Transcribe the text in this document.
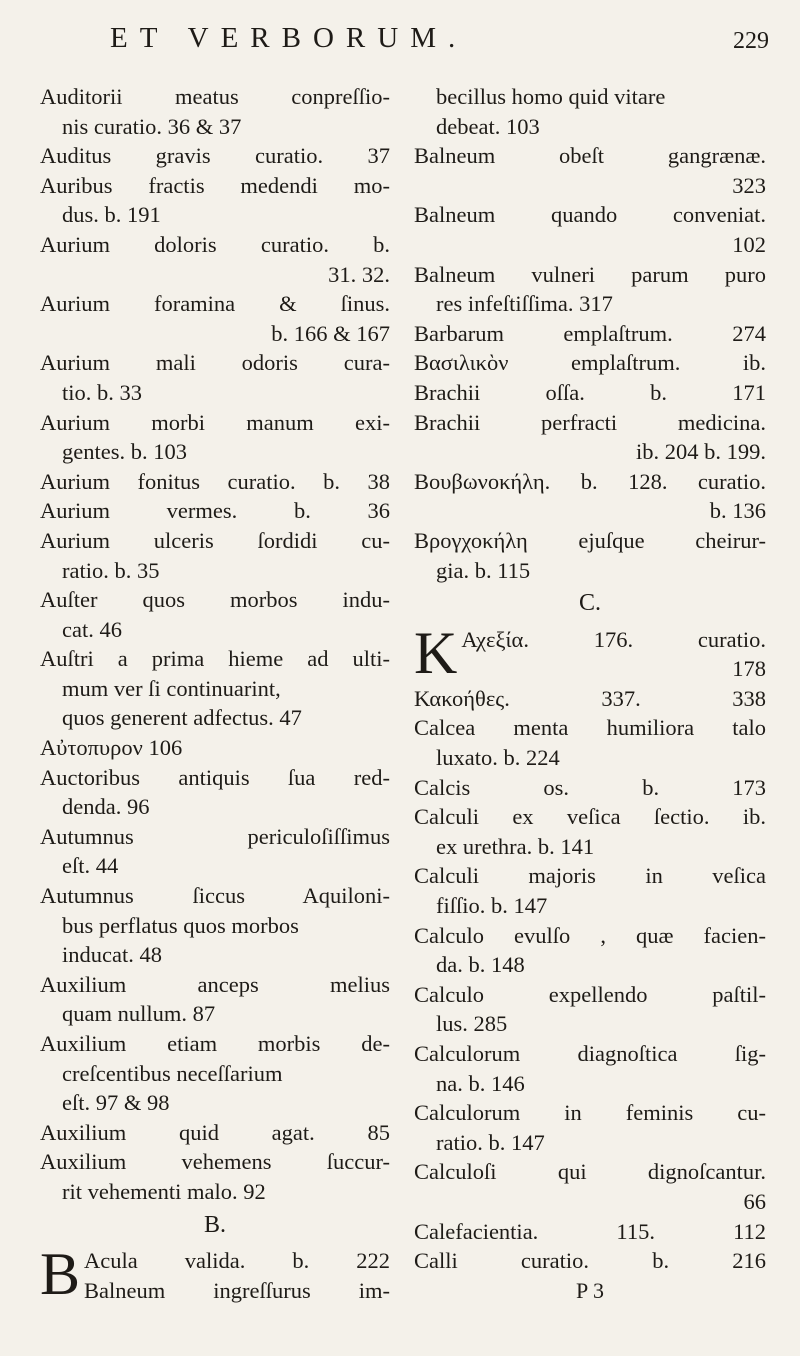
ET VERBORUM.	229
Auditorii meatus conpreſſio-
nis curatio. 36 & 37
Auditus gravis curatio. 37
Auribus fractis medendi mo-
dus. b. 191
Aurium doloris curatio. b.
31. 32.
Aurium foramina & ſinus.
b. 166 & 167
Aurium mali odoris cura-
tio. b. 33
Aurium morbi manum exi-
gentes. b. 103
Aurium fonitus curatio. b. 38
Aurium vermes. b. 36
Aurium ulceris ſordidi cu-
ratio. b. 35
Auſter quos morbos indu-
cat. 46
Auſtri a prima hieme ad ulti-
mum ver ſi continuarint,
quos generent adfectus. 47
Αὐτοπυρον 106
Auctoribus antiquis ſua red-
denda. 96
Autumnus periculoſiſſimus
eſt. 44
Autumnus ſiccus Aquiloni-
bus perflatus quos morbos
inducat. 48
Auxilium anceps melius
quam nullum. 87
Auxilium etiam morbis de-
creſcentibus neceſſarium
eſt. 97 & 98
Auxilium quid agat. 85
Auxilium vehemens ſuccur-
rit vehementi malo. 92
B.
B Acula valida. b. 222
Balneum ingreſſurus im-
becillus homo quid vitare
debeat. 103
Balneum obeſt gangrænæ.
323
Balneum quando conveniat.
102
Balneum vulneri parum puro
res infeſtiſſima. 317
Barbarum emplaſtrum. 274
Βασιλικὸν emplaſtrum. ib.
Brachii oſſa. b. 171
Brachii perfracti medicina.
ib. 204 b. 199.
Βουβωνοκήλη. b. 128. curatio.
b. 136
Βρογχοκήλη ejuſque cheirur-
gia. b. 115
C.
K Αχεξία. 176. curatio.
178
Κακοήθες. 337. 338
Calcea menta humiliora talo
luxato. b. 224
Calcis os. b. 173
Calculi ex veſica ſectio. ib.
ex urethra. b. 141
Calculi majoris in veſica
fiſſio. b. 147
Calculo evulſo , quæ facien-
da. b. 148
Calculo expellendo paſtil-
lus. 285
Calculorum diagnoſtica ſig-
na. b. 146
Calculorum in feminis cu-
ratio. b. 147
Calculoſi qui dignoſcantur.
66
Calefacientia. 115. 112
Calli curatio. b. 216
P 3
